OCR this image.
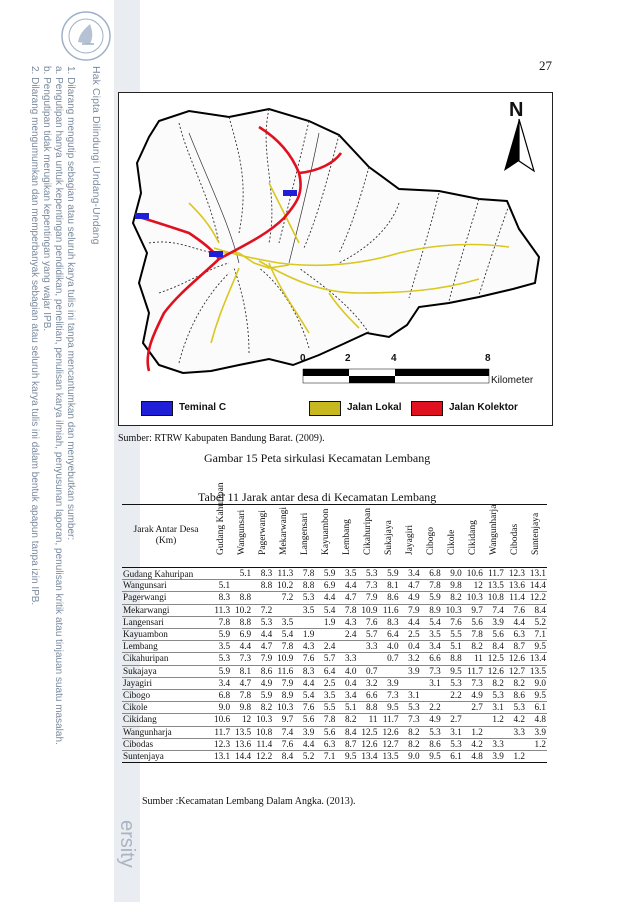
Hak Cipta Dilindungi Undang-Undang
1. Dilarang mengutip sebagian atau seluruh karya tulis ini tanpa mencantumkan dan menyebutkan sumber:
a. Pengutipan hanya untuk kepentingan pendidikan, penelitian, penulisan karya ilmiah, penyusunan laporan, penulisan kritik atau tinjauan suatu masalah.
b. Pengutipan tidak merugikan kepentingan yang wajar IPB.
2. Dilarang mengumumkan dan memperbanyak sebagian atau seluruh karya tulis ini dalam bentuk apapun tanpa izin IPB.
ersity
27
N
0	2	4	8
Kilometer
Teminal C	Jalan Lokal	Jalan Kolektor
Sumber: RTRW Kabupaten Bandung Barat. (2009).
Gambar 15 Peta sirkulasi Kecamatan Lembang
Tabel 11 Jarak antar desa di Kecamatan Lembang
Jarak Antar Desa (Km)	Gudang Kahuripan	Wangunsari	Pagerwangi	Mekarwangi	Langensari	Kayuambon	Lembang	Cikahuripan	Sukajaya	Jayagiri	Cibogo	Cikole	Cikidang	Wangunharja	Cibodas	Suntenjaya

Gudang Kahuripan		5.1	8.3	11.3	7.8	5.9	3.5	5.3	5.9	3.4	6.8	9.0	10.6	11.7	12.3	13.1
Wangunsari	5.1		8.8	10.2	8.8	6.9	4.4	7.3	8.1	4.7	7.8	9.8	12	13.5	13.6	14.4
Pagerwangi	8.3	8.8		7.2	5.3	4.4	4.7	7.9	8.6	4.9	5.9	8.2	10.3	10.8	11.4	12.2
Mekarwangi	11.3	10.2	7.2		3.5	5.4	7.8	10.9	11.6	7.9	8.9	10.3	9.7	7.4	7.6	8.4
Langensari	7.8	8.8	5.3	3.5		1.9	4.3	7.6	8.3	4.4	5.4	7.6	5.6	3.9	4.4	5.2
Kayuambon	5.9	6.9	4.4	5.4	1.9		2.4	5.7	6.4	2.5	3.5	5.5	7.8	5.6	6.3	7.1
Lembang	3.5	4.4	4.7	7.8	4.3	2.4		3.3	4.0	0.4	3.4	5.1	8.2	8.4	8.7	9.5
Cikahuripan	5.3	7.3	7.9	10.9	7.6	5.7	3.3		0.7	3.2	6.6	8.8	11	12.5	12.6	13.4
Sukajaya	5.9	8.1	8.6	11.6	8.3	6.4	4.0	0.7		3.9	7.3	9.5	11.7	12.6	12.7	13.5
Jayagiri	3.4	4.7	4.9	7.9	4.4	2.5	0.4	3.2	3.9		3.1	5.3	7.3	8.2	8.2	9.0
Cibogo	6.8	7.8	5.9	8.9	5.4	3.5	3.4	6.6	7.3	3.1		2.2	4.9	5.3	8.6	9.5
Cikole	9.0	9.8	8.2	10.3	7.6	5.5	5.1	8.8	9.5	5.3	2.2		2.7	3.1	5.3	6.1
Cikidang	10.6	12	10.3	9.7	5.6	7.8	8.2	11	11.7	7.3	4.9	2.7		1.2	4.2	4.8
Wangunharja	11.7	13.5	10.8	7.4	3.9	5.6	8.4	12.5	12.6	8.2	5.3	3.1	1.2		3.3	3.9
Cibodas	12.3	13.6	11.4	7.6	4.4	6.3	8.7	12.6	12.7	8.2	8.6	5.3	4.2	3.3		1.2
Suntenjaya	13.1	14.4	12.2	8.4	5.2	7.1	9.5	13.4	13.5	9.0	9.5	6.1	4.8	3.9	1.2	
Sumber :Kecamatan Lembang Dalam Angka. (2013).
